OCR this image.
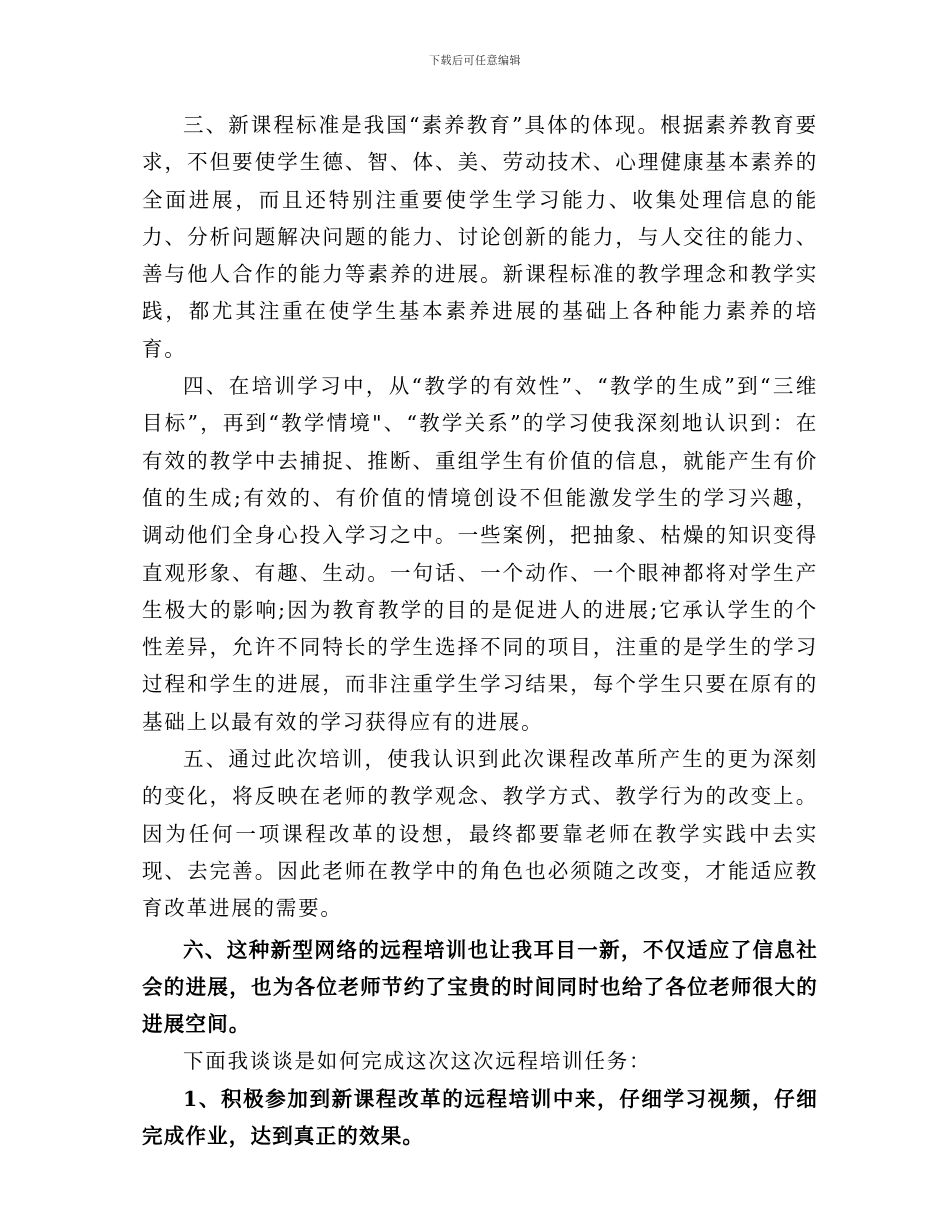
下载后可任意编辑

三、新课程标准是我国“素养教育”具体的体现。根据素养教育要求，不但要使学生德、智、体、美、劳动技术、心理健康基本素养的全面进展，而且还特别注重要使学生学习能力、收集处理信息的能力、分析问题解决问题的能力、讨论创新的能力，与人交往的能力、善与他人合作的能力等素养的进展。新课程标准的教学理念和教学实践，都尤其注重在使学生基本素养进展的基础上各种能力素养的培育。

四、在培训学习中，从“教学的有效性”、“教学的生成”到“三维目标”，再到“教学情境"、“教学关系”的学习使我深刻地认识到：在有效的教学中去捕捉、推断、重组学生有价值的信息，就能产生有价值的生成;有效的、有价值的情境创设不但能激发学生的学习兴趣，调动他们全身心投入学习之中。一些案例，把抽象、枯燥的知识变得直观形象、有趣、生动。一句话、一个动作、一个眼神都将对学生产生极大的影响;因为教育教学的目的是促进人的进展;它承认学生的个性差异，允许不同特长的学生选择不同的项目，注重的是学生的学习过程和学生的进展，而非注重学生学习结果，每个学生只要在原有的基础上以最有效的学习获得应有的进展。

五、通过此次培训，使我认识到此次课程改革所产生的更为深刻的变化，将反映在老师的教学观念、教学方式、教学行为的改变上。因为任何一项课程改革的设想，最终都要靠老师在教学实践中去实现、去完善。因此老师在教学中的角色也必须随之改变，才能适应教育改革进展的需要。

六、这种新型网络的远程培训也让我耳目一新，不仅适应了信息社会的进展，也为各位老师节约了宝贵的时间同时也给了各位老师很大的进展空间。

下面我谈谈是如何完成这次这次远程培训任务：

1、积极参加到新课程改革的远程培训中来，仔细学习视频，仔细完成作业，达到真正的效果。
